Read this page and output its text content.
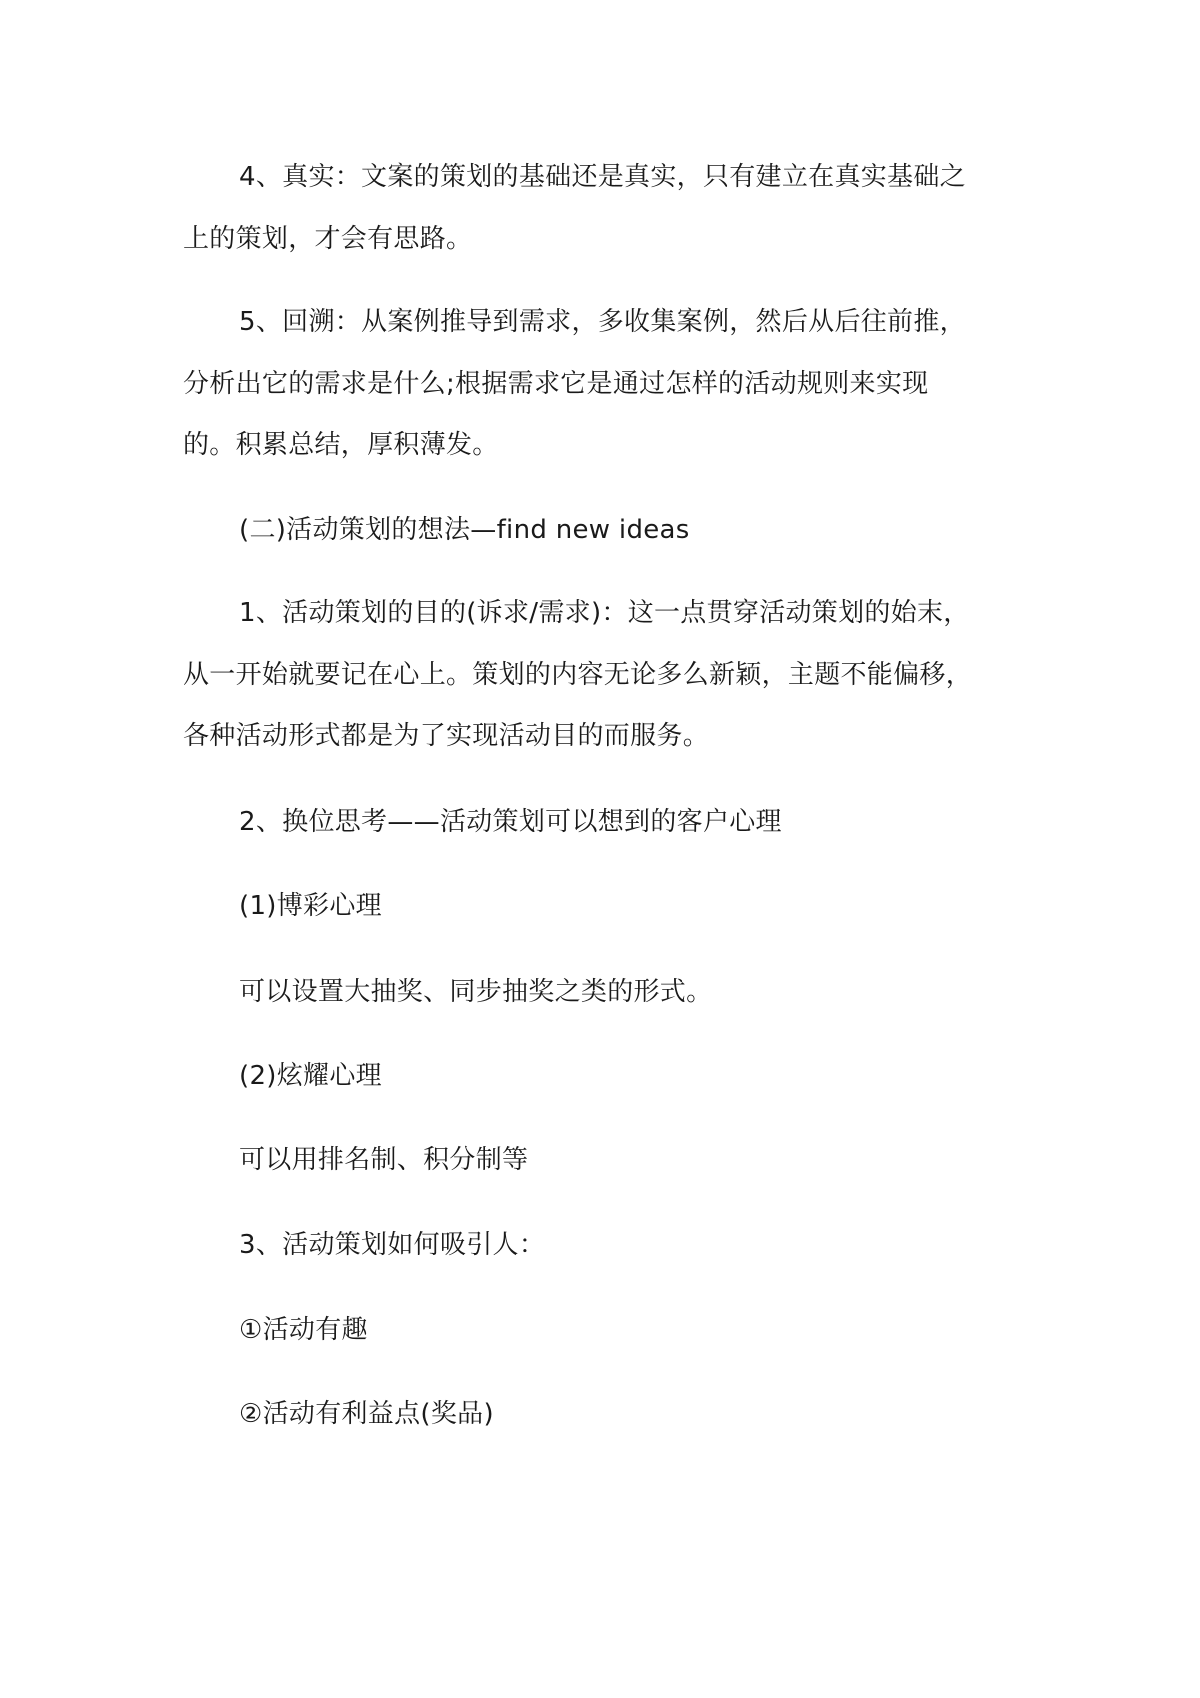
4、真实：文案的策划的基础还是真实，只有建立在真实基础之
上的策划，才会有思路。
5、回溯：从案例推导到需求，多收集案例，然后从后往前推，
分析出它的需求是什么;根据需求它是通过怎样的活动规则来实现
的。积累总结，厚积薄发。
(二)活动策划的想法—find new ideas
1、活动策划的目的(诉求/需求)：这一点贯穿活动策划的始末，
从一开始就要记在心上。策划的内容无论多么新颖，主题不能偏移，
各种活动形式都是为了实现活动目的而服务。
2、换位思考——活动策划可以想到的客户心理
(1)博彩心理
可以设置大抽奖、同步抽奖之类的形式。
(2)炫耀心理
可以用排名制、积分制等
3、活动策划如何吸引人：
①活动有趣
②活动有利益点(奖品)
